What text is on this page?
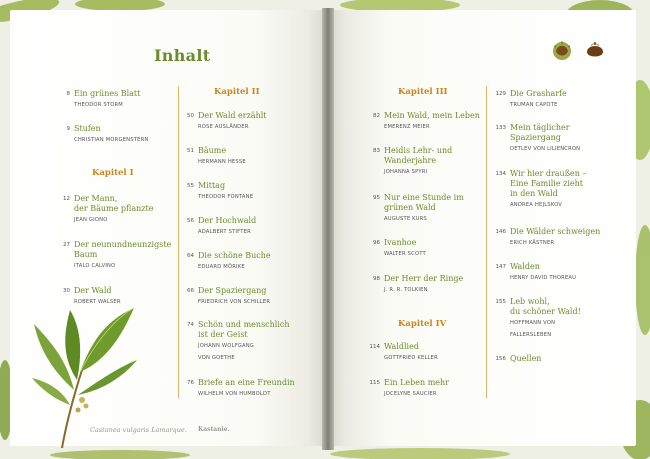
Inhalt
8 Ein grünes Blatt
THEODOR STORM
9 Stufen
CHRISTIAN MORGENSTERN
Kapitel I
12 Der Mann,
der Bäume pflanzte
JEAN GIONO
27 Der neunundneunzigste
Baum
ITALO CALVINO
30 Der Wald
ROBERT WALSER
Kapitel II
50 Der Wald erzählt
ROSE AUSLÄNDER
51 Bäume
HERMANN HESSE
55 Mittag
THEODOR FONTANE
56 Der Hochwald
ADALBERT STIFTER
64 Die schöne Buche
EDUARD MÖRIKE
66 Der Spaziergang
FRIEDRICH VON SCHILLER
74 Schön und menschlich
ist der Geist
JOHANN WOLFGANG
VON GOETHE
76 Briefe an eine Freundin
WILHELM VON HUMBOLDT
Castanea vulgaris Lamarque. Kastanie.
Kapitel III
82 Mein Wald, mein Leben
EMERENZ MEIER
83 Heidis Lehr- und
Wanderjahre
JOHANNA SPYRI
95 Nur eine Stunde im
grünen Wald
AUGUSTE KURS
96 Ivanhoe
WALTER SCOTT
98 Der Herr der Ringe
J. R. R. TOLKIEN
Kapitel IV
114 Waldlied
GOTTFRIED KELLER
115 Ein Leben mehr
JOCELYNE SAUCIER
129 Die Grasharfe
TRUMAN CAPOTE
133 Mein täglicher
Spaziergang
DETLEV VON LILIENCRON
134 Wir hier draußen –
Eine Familie zieht
in den Wald
ANDREA HEJLSKOV
146 Die Wälder schweigen
ERICH KÄSTNER
147 Walden
HENRY DAVID THOREAU
155 Leb wohl,
du schöner Wald!
HOFFMANN VON
FALLERSLEBEN
156 Quellen
